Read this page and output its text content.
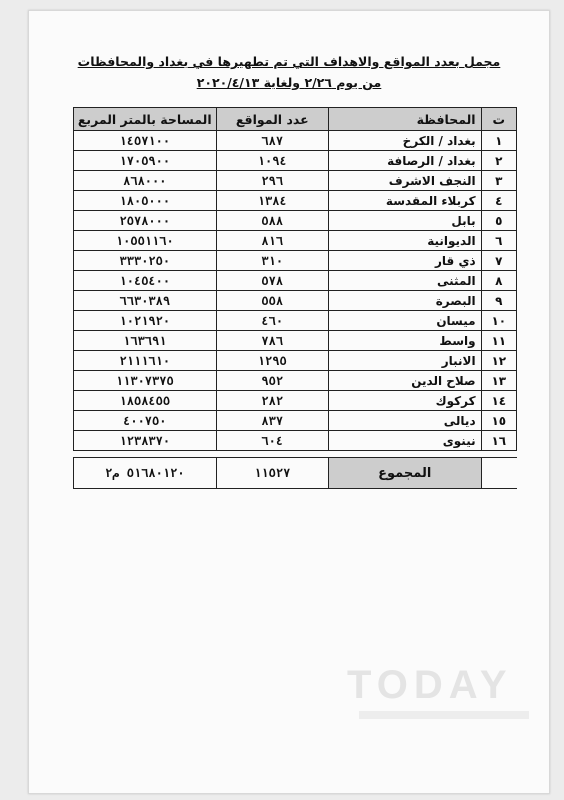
مجمل بعدد المواقع والاهداف التي تم تطهيرها في بغداد والمحافظات
من يوم ٢/٢٦ ولغاية ٢٠٢٠/٤/١٣
ت	المحافظة	عدد المواقع	المساحة بالمتر المربع
١	بغداد / الكرخ	٦٨٧	١٤٥٧١٠٠
٢	بغداد / الرصافة	١٠٩٤	١٧٠٥٩٠٠
٣	النجف الاشرف	٢٩٦	٨٦٨٠٠٠
٤	كربلاء المقدسة	١٣٨٤	١٨٠٥٠٠٠
٥	بابل	٥٨٨	٢٥٧٨٠٠٠
٦	الديوانية	٨١٦	١٠٥٥١١٦٠
٧	ذي قار	٣١٠	٣٣٣٠٢٥٠
٨	المثنى	٥٧٨	١٠٤٥٤٠٠
٩	البصرة	٥٥٨	٦٦٣٠٣٨٩
١٠	ميسان	٤٦٠	١٠٢١٩٢٠
١١	واسط	٧٨٦	١٦٣٦٩١
١٢	الانبار	١٢٩٥	٢١١١٦١٠
١٣	صلاح الدين	٩٥٢	١١٣٠٧٣٧٥
١٤	كركوك	٢٨٢	١٨٥٨٤٥٥
١٥	ديالى	٨٣٧	٤٠٠٧٥٠
١٦	نينوى	٦٠٤	١٢٣٨٣٧٠

	المجموع	١١٥٢٧	٥١٦٨٠١٢٠ م٢
TODAY
